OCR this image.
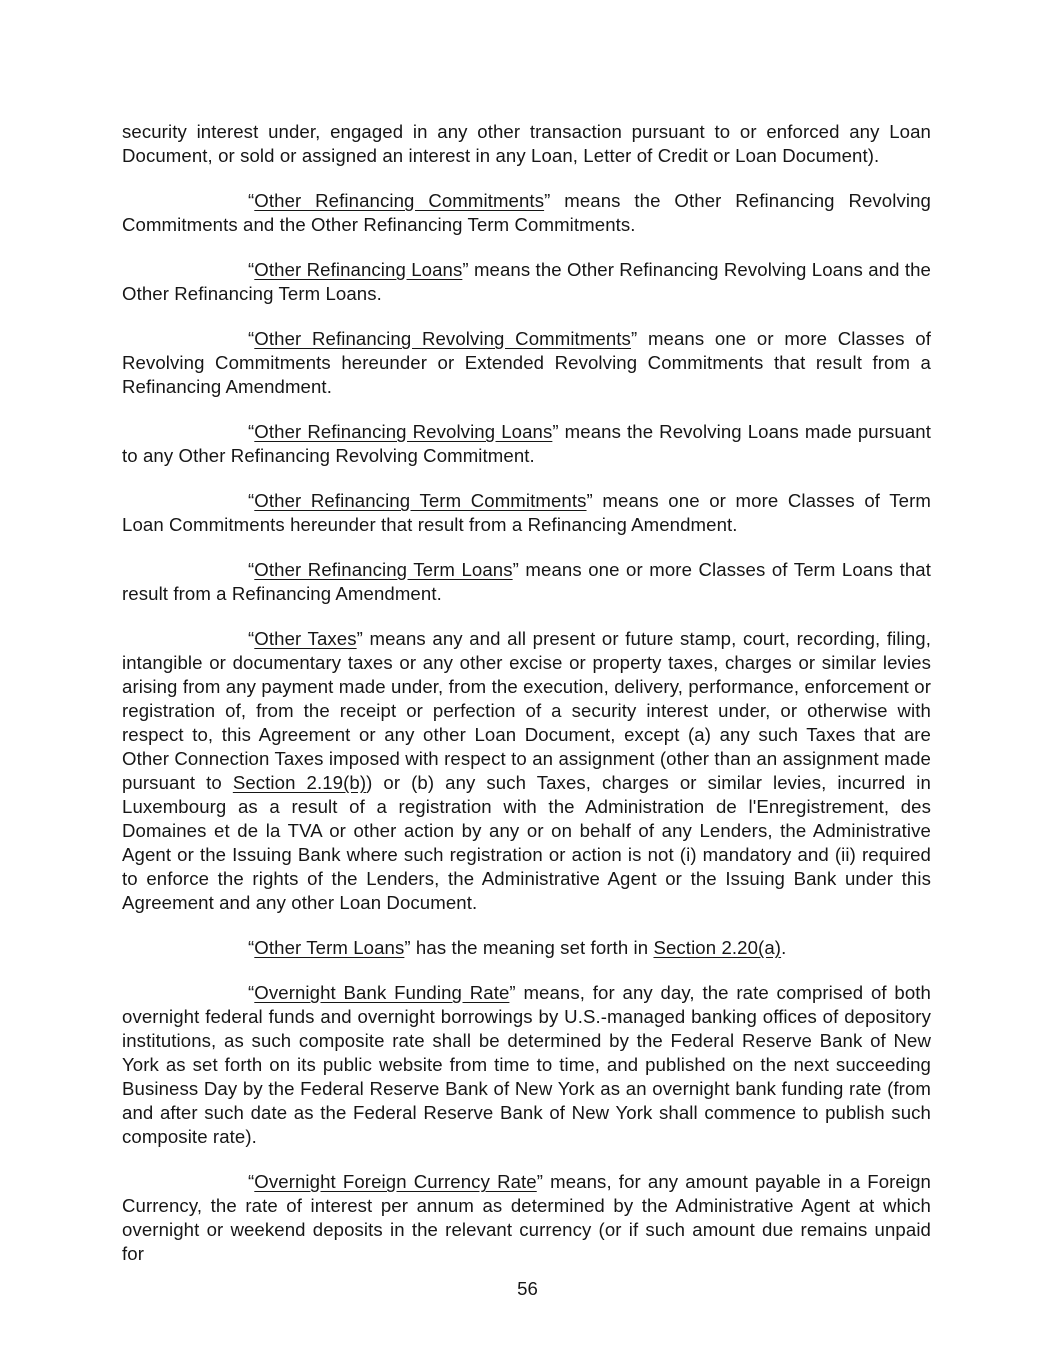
security interest under, engaged in any other transaction pursuant to or enforced any Loan Document, or sold or assigned an interest in any Loan, Letter of Credit or Loan Document).

“Other Refinancing Commitments” means the Other Refinancing Revolving Commitments and the Other Refinancing Term Commitments.

“Other Refinancing Loans” means the Other Refinancing Revolving Loans and the Other Refinancing Term Loans.

“Other Refinancing Revolving Commitments” means one or more Classes of Revolving Commitments hereunder or Extended Revolving Commitments that result from a Refinancing Amendment.

“Other Refinancing Revolving Loans” means the Revolving Loans made pursuant to any Other Refinancing Revolving Commitment.

“Other Refinancing Term Commitments” means one or more Classes of Term Loan Commitments hereunder that result from a Refinancing Amendment.

“Other Refinancing Term Loans” means one or more Classes of Term Loans that result from a Refinancing Amendment.

“Other Taxes” means any and all present or future stamp, court, recording, filing, intangible or documentary taxes or any other excise or property taxes, charges or similar levies arising from any payment made under, from the execution, delivery, performance, enforcement or registration of, from the receipt or perfection of a security interest under, or otherwise with respect to, this Agreement or any other Loan Document, except (a) any such Taxes that are Other Connection Taxes imposed with respect to an assignment (other than an assignment made pursuant to Section 2.19(b)) or (b) any such Taxes, charges or similar levies, incurred in Luxembourg as a result of a registration with the Administration de l'Enregistrement, des Domaines et de la TVA or other action by any or on behalf of any Lenders, the Administrative Agent or the Issuing Bank where such registration or action is not (i) mandatory and (ii) required to enforce the rights of the Lenders, the Administrative Agent or the Issuing Bank under this Agreement and any other Loan Document.

“Other Term Loans” has the meaning set forth in Section 2.20(a).

“Overnight Bank Funding Rate” means, for any day, the rate comprised of both overnight federal funds and overnight borrowings by U.S.-managed banking offices of depository institutions, as such composite rate shall be determined by the Federal Reserve Bank of New York as set forth on its public website from time to time, and published on the next succeeding Business Day by the Federal Reserve Bank of New York as an overnight bank funding rate (from and after such date as the Federal Reserve Bank of New York shall commence to publish such composite rate).

“Overnight Foreign Currency Rate” means, for any amount payable in a Foreign Currency, the rate of interest per annum as determined by the Administrative Agent at which overnight or weekend deposits in the relevant currency (or if such amount due remains unpaid for

56
